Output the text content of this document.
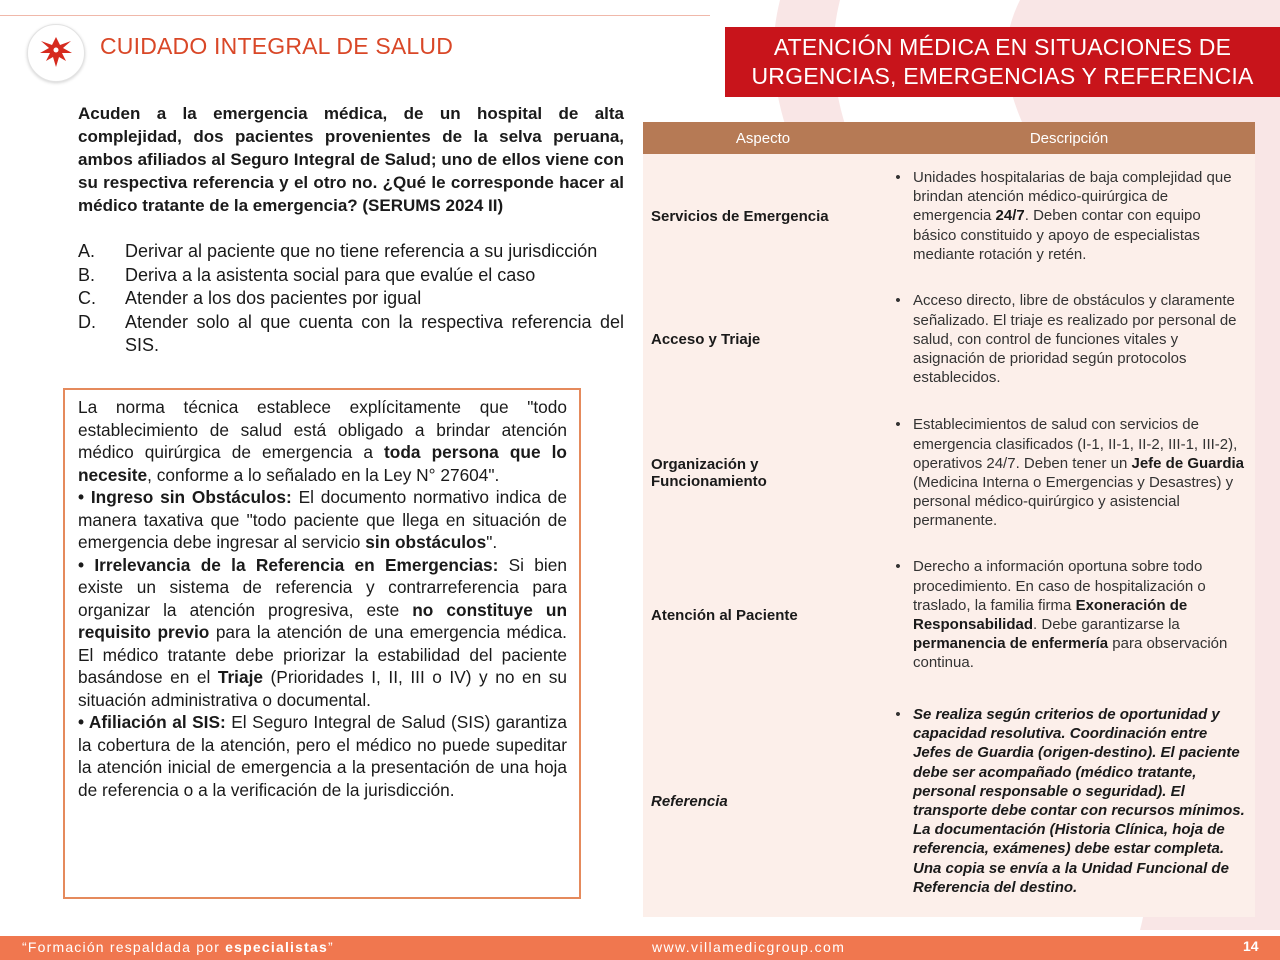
CUIDADO INTEGRAL DE SALUD	ATENCIÓN MÉDICA EN SITUACIONES DE
URGENCIAS, EMERGENCIAS Y REFERENCIA
Acuden a la emergencia médica, de un hospital de alta complejidad, dos pacientes provenientes de la selva peruana, ambos afiliados al Seguro Integral de Salud; uno de ellos viene con su respectiva referencia y el otro no. ¿Qué le corresponde hacer al médico tratante de la emergencia? (SERUMS 2024 II)
A.	Derivar al paciente que no tiene referencia a su jurisdicción
B.	Deriva a la asistenta social para que evalúe el caso
C.	Atender a los dos pacientes por igual
D.	Atender solo al que cuenta con la respectiva referencia del SIS.

La norma técnica establece explícitamente que "todo establecimiento de salud está obligado a brindar atención médico quirúrgica de emergencia a toda persona que lo necesite, conforme a lo señalado en la Ley N° 27604".

• Ingreso sin Obstáculos: El documento normativo indica de manera taxativa que "todo paciente que llega en situación de emergencia debe ingresar al servicio sin obstáculos".

• Irrelevancia de la Referencia en Emergencias: Si bien existe un sistema de referencia y contrarreferencia para organizar la atención progresiva, este no constituye un requisito previo para la atención de una emergencia médica. El médico tratante debe priorizar la estabilidad del paciente basándose en el Triaje (Prioridades I, II, III o IV) y no en su situación administrativa o documental.

• Afiliación al SIS: El Seguro Integral de Salud (SIS) garantiza la cobertura de la atención, pero el médico no puede supeditar la atención inicial de emergencia a la presentación de una hoja de referencia o a la verificación de la jurisdicción.

Aspecto	Descripción
Servicios de Emergencia	• Unidades hospitalarias de baja complejidad que brindan atención médico-quirúrgica de emergencia 24/7. Deben contar con equipo básico constituido y apoyo de especialistas mediante rotación y retén.

Acceso y Triaje	• Acceso directo, libre de obstáculos y claramente señalizado. El triaje es realizado por personal de salud, con control de funciones vitales y asignación de prioridad según protocolos establecidos.

Organización y Funcionamiento	• Establecimientos de salud con servicios de emergencia clasificados (I-1, II-1, II-2, III-1, III-2), operativos 24/7. Deben tener un Jefe de Guardia (Medicina Interna o Emergencias y Desastres) y personal médico-quirúrgico y asistencial permanente.

Atención al Paciente	• Derecho a información oportuna sobre todo procedimiento. En caso de hospitalización o traslado, la familia firma Exoneración de Responsabilidad. Debe garantizarse la permanencia de enfermería para observación continua.

Referencia	• Se realiza según criterios de oportunidad y capacidad resolutiva. Coordinación entre Jefes de Guardia (origen-destino). El paciente debe ser acompañado (médico tratante, personal responsable o seguridad). El transporte debe contar con recursos mínimos. La documentación (Historia Clínica, hoja de referencia, exámenes) debe estar completa. Una copia se envía a la Unidad Funcional de Referencia del destino.
“Formación respaldada por especialistas”	www.villamedicgroup.com	14
